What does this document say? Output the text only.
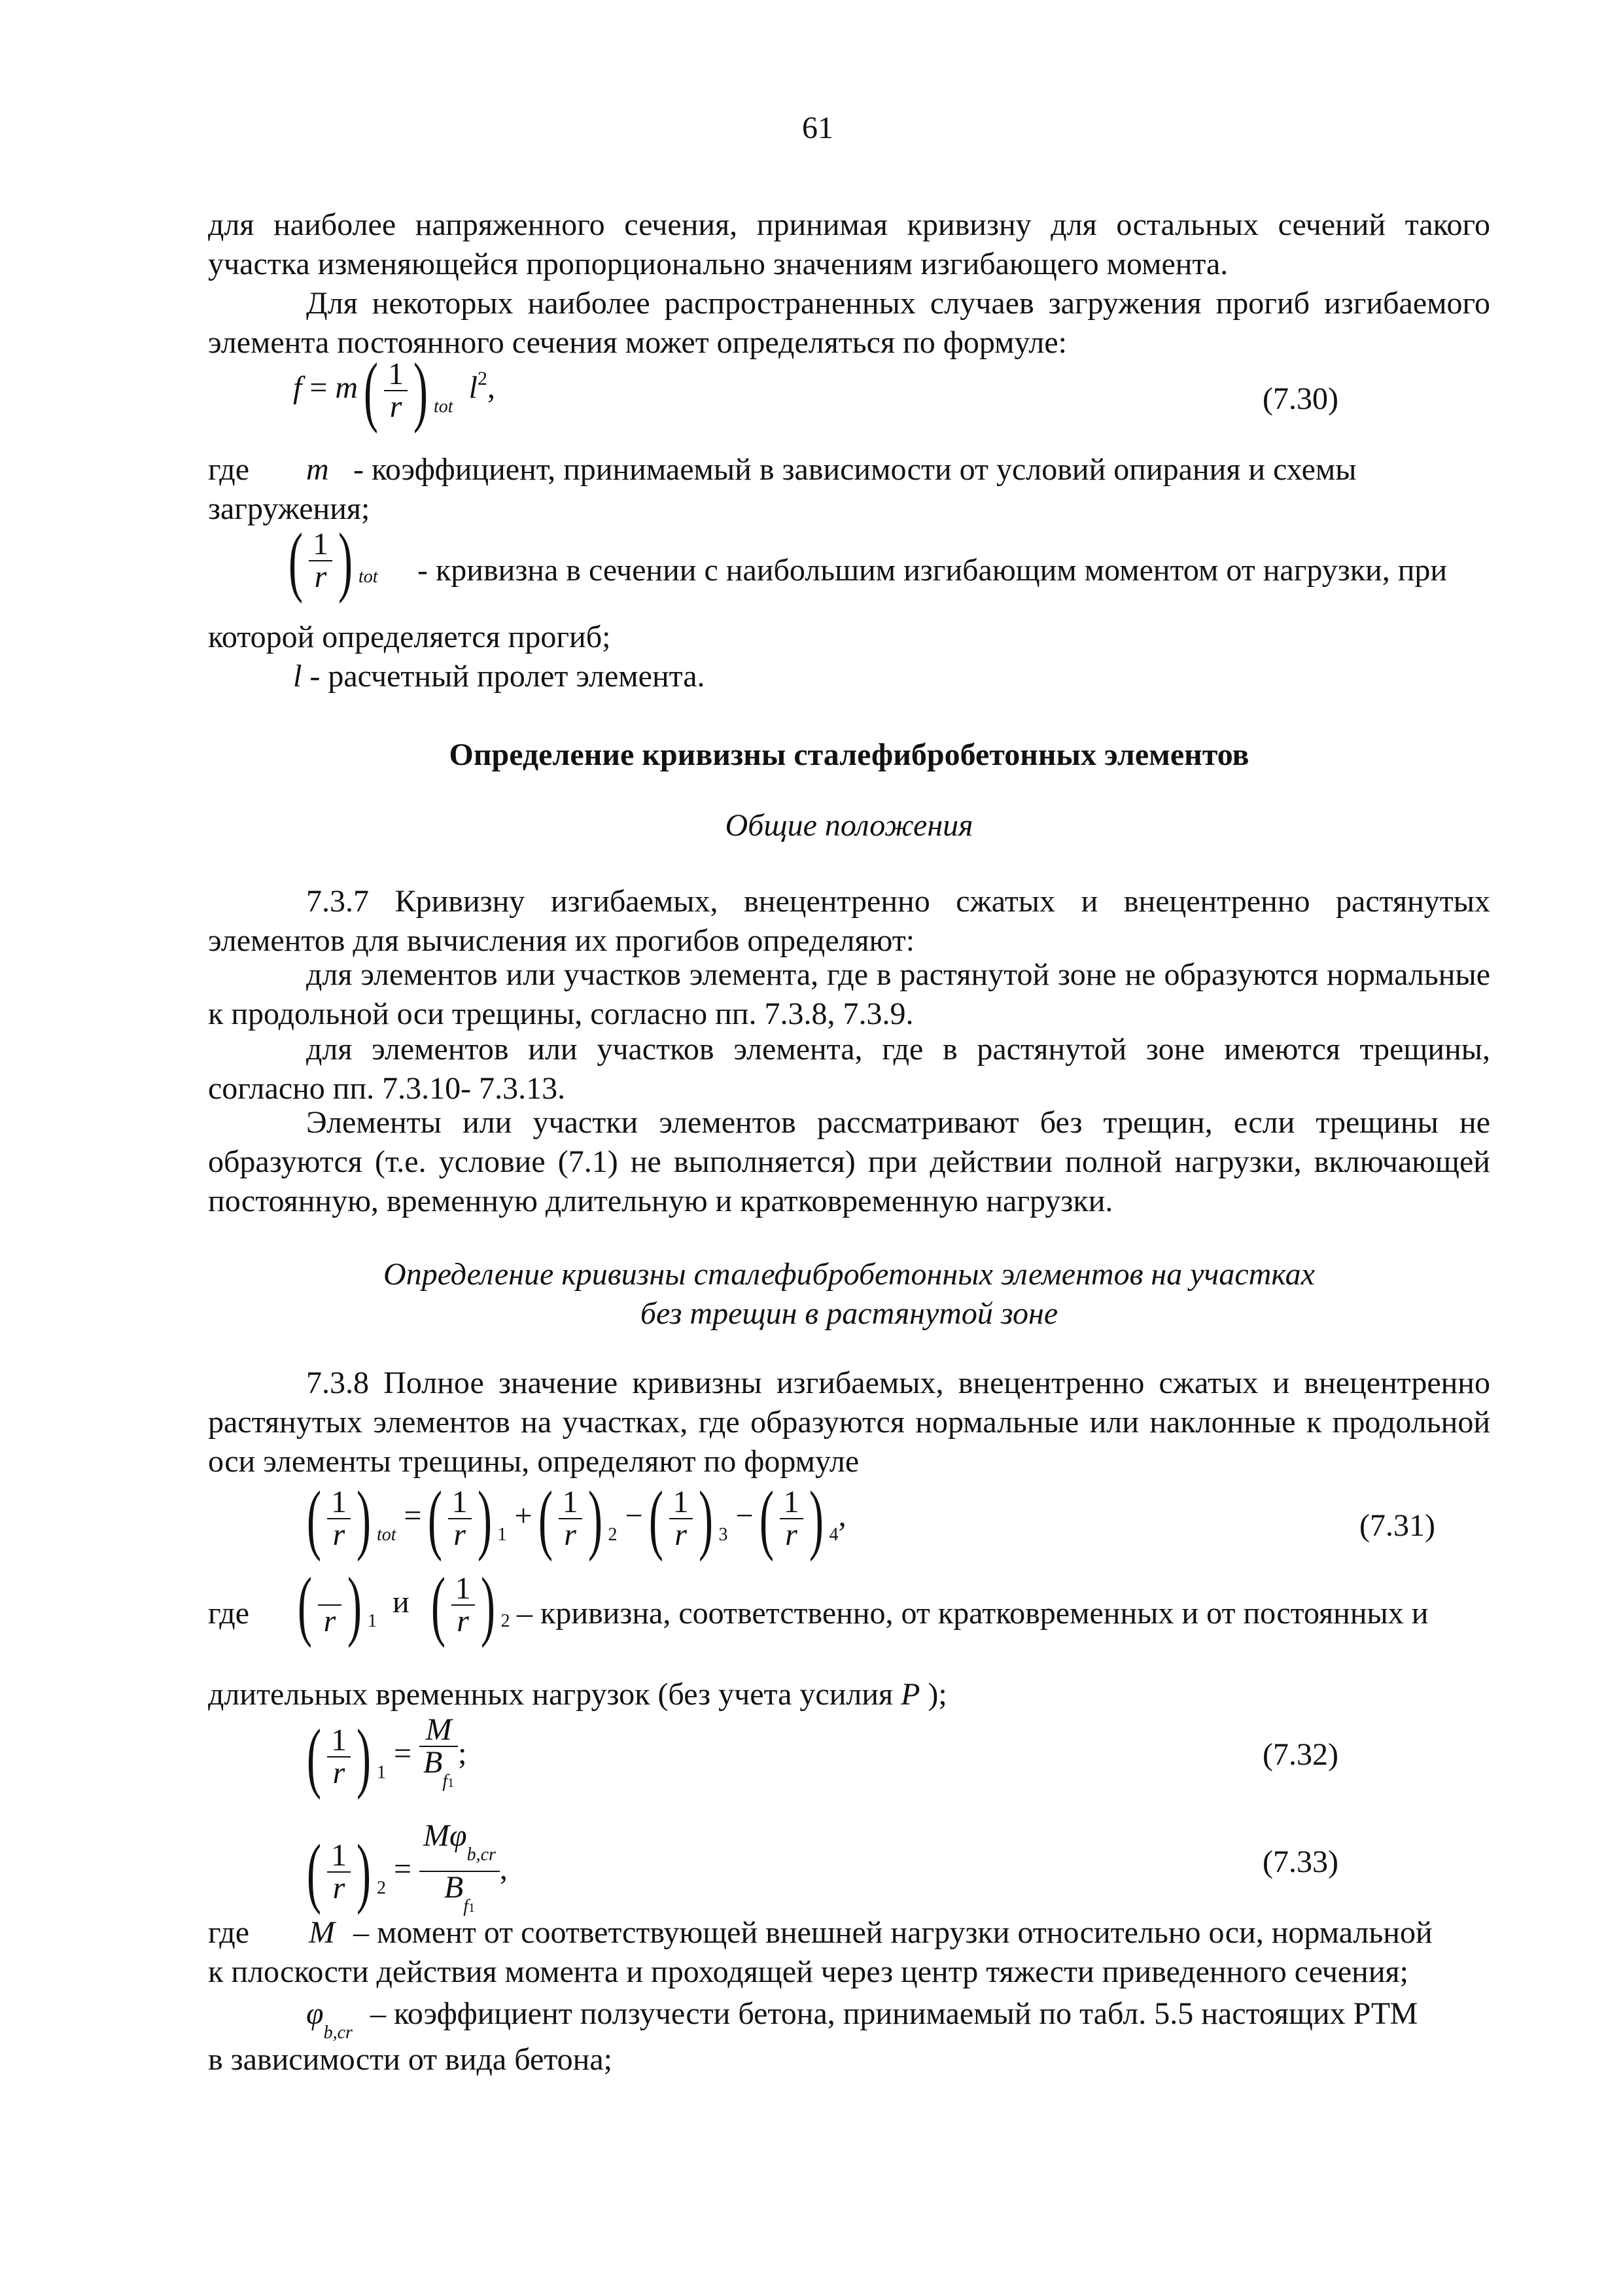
61
для наиболее напряженного сечения, принимая кривизну для остальных сечений такого участка изменяющейся пропорционально значениям изгибающего момента.
Для некоторых наиболее распространенных случаев загружения прогиб изгибаемого элемента постоянного сечения может определяться по формуле:
$f = m( \frac{1}{r}$ ) $_{tot}$  $l^2$,	(7.30)
где m - коэффициент, принимаемый в зависимости от условий опирания и схемы
загружения;
( $\frac{1}{r}$ ) $_{tot}$ - кривизна в сечении с наибольшим изгибающим моментом от нагрузки, при
которой определяется прогиб;
l - расчетный пролет элемента.
Определение кривизны сталефибробетонных элементов
Общие положения
7.3.7 Кривизну изгибаемых, внецентренно сжатых и внецентренно растянутых элементов для вычисления их прогибов определяют:
для элементов или участков элемента, где в растянутой зоне не образуются нормальные к продольной оси трещины, согласно пп. 7.3.8, 7.3.9.
для элементов или участков элемента, где в растянутой зоне имеются трещины, согласно пп. 7.3.10- 7.3.13.
Элементы или участки элементов рассматривают без трещин, если трещины не образуются (т.е. условие (7.1) не выполняется) при действии полной нагрузки, включающей постоянную, временную длительную и кратковременную нагрузки.
Определение кривизны сталефибробетонных элементов на участках
без трещин в растянутой зоне
7.3.8 Полное значение кривизны изгибаемых, внецентренно сжатых и внецентренно растянутых элементов на участках, где образуются нормальные или наклонные к продольной оси элементы трещины, определяют по формуле
( $\frac{1}{r}$ ) $_{tot}$ =( $\frac{1}{r}$ ) $_1$ +( $\frac{1}{r}$ ) $_2$ −( $\frac{1}{r}$ ) $_3$ −( $\frac{1}{r}$ ) $_4$,	(7.31)
где ( r ) $_1$  и ( $\frac{1}{r}$ ) $_2$ – кривизна, соответственно, от кратковременных и от постоянных и
длительных временных нагрузок (без учета усилия P );
( $\frac{1}{r}$ ) $_1 = \frac{M}{B_{f1}}$ ;	(7.32)
( $\frac{1}{r}$ ) $_2 = \frac{M\varphi_{b,cr}}{B_{f1}}$ ,	(7.33)
где M – момент от соответствующей внешней нагрузки относительно оси, нормальной
к плоскости действия момента и проходящей через центр тяжести приведенного сечения;
$\varphi_{b,cr}$
– коэффициент ползучести бетона, принимаемый по табл. 5.5 настоящих РТМ
в зависимости от вида бетона;
